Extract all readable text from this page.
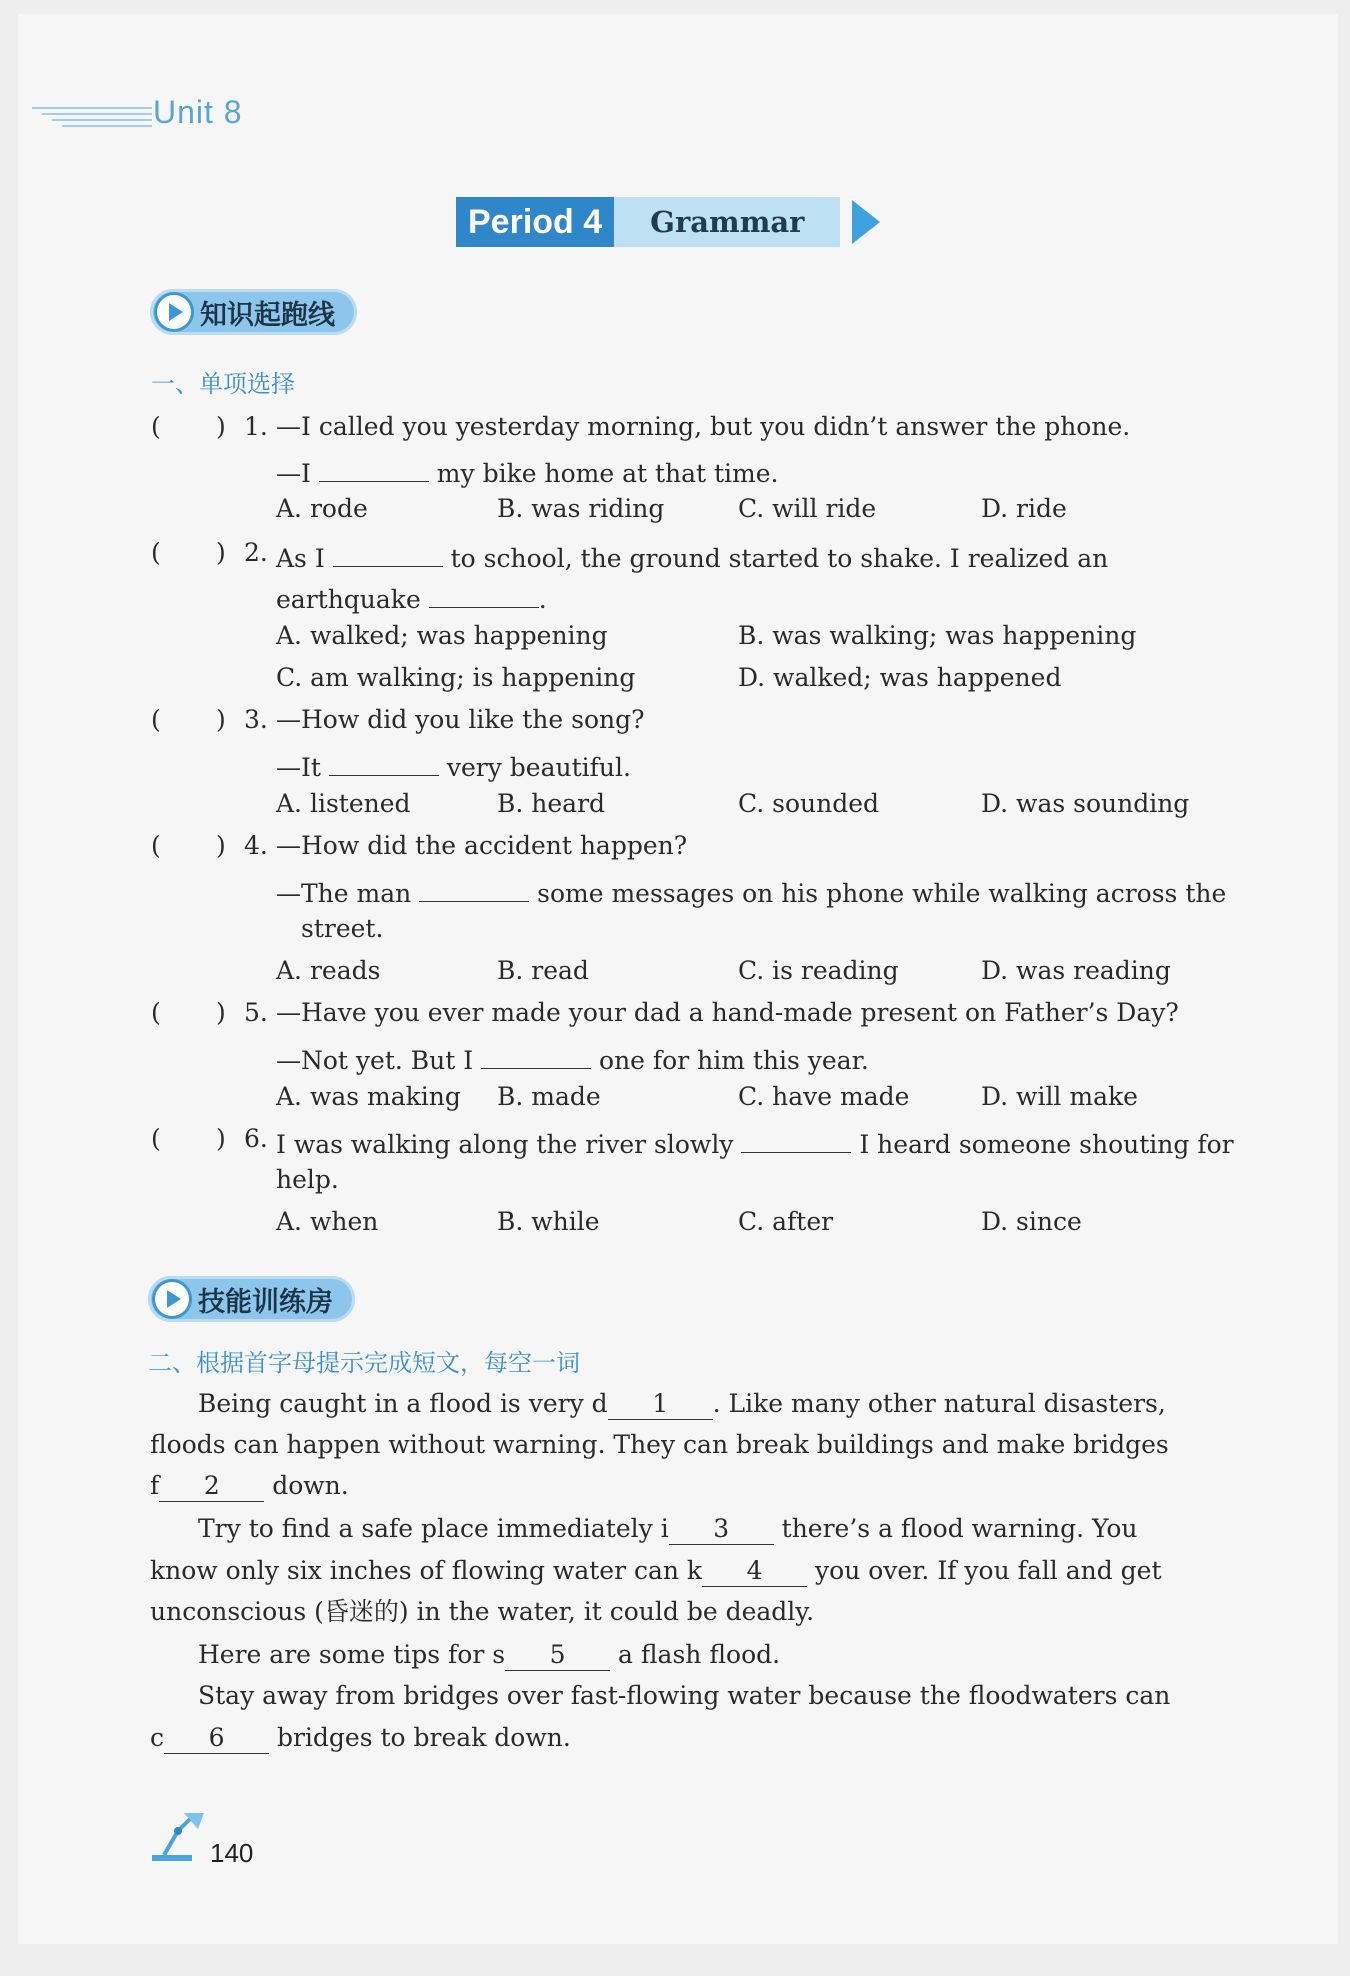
Unit 8
Period 4	Grammar
知识起跑线
一、单项选择
( ) 1. —I called you yesterday morning, but you didn’t answer the phone.
—I	my bike home at that time.
A. rode	B. was riding	C. will ride	D. ride
( ) 2. As I	to school, the ground started to shake. I realized an
earthquake	.
A. walked; was happening	B. was walking; was happening
C. am walking; is happening	D. walked; was happened
( ) 3. —How did you like the song?
—It	very beautiful.
A. listened	B. heard	C. sounded	D. was sounding
( ) 4. —How did the accident happen?
—The man	some messages on his phone while walking across the
street.
A. reads	B. read	C. is reading	D. was reading
( ) 5. —Have you ever made your dad a hand-made present on Father’s Day?
—Not yet. But I	one for him this year.
A. was making B. made	C. have made	D. will make
( ) 6. I was walking along the river slowly	I heard someone shouting for
help.
A. when	B. while	C. after	D. since
技能训练房
二、根据首字母提示完成短文，每空一词
Being caught in a flood is very d 1 . Like many other natural disasters,
floods can happen without warning. They can break buildings and make bridges
f 2 down.
Try to find a safe place immediately i 3 there’s a flood warning. You
know only six inches of flowing water can k 4 you over. If you fall and get
unconscious (昏迷的) in the water, it could be deadly.
Here are some tips for s 5 a flash flood.
Stay away from bridges over fast-flowing water because the floodwaters can
c 6 bridges to break down.
140
